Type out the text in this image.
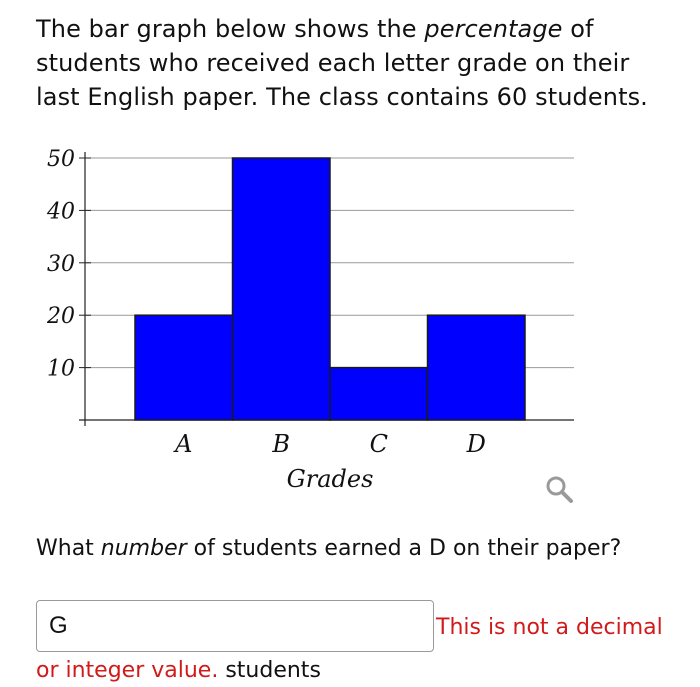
The bar graph below shows the percentage of students who received each letter grade on their last English paper. The class contains 60 students.
10
20
30
40
50
A	B	C	D
Grades
What number of students earned a D on their paper?
G
This is not a decimal
or integer value. students
